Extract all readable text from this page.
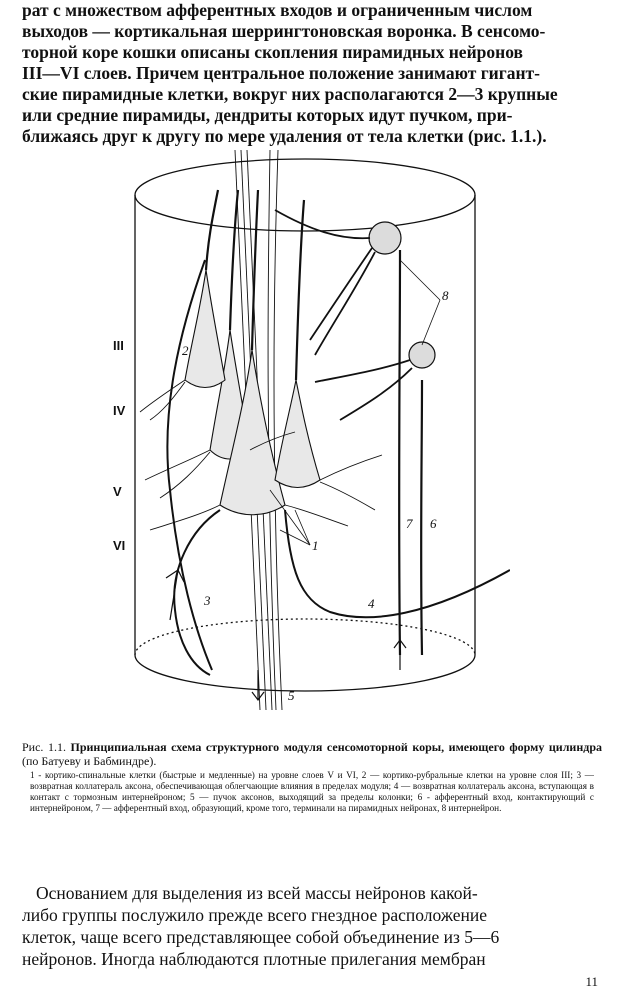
рат с множеством афферентных входов и ограниченным числом
выходов — кортикальная шеррингтоновская воронка. В сенсомо-
торной коре кошки описаны скопления пирамидных нейронов
III—VI слоев. Причем центральное положение занимают гигант-
ские пирамидные клетки, вокруг них располагаются 2—3 крупные
или средние пирамиды, дендриты которых идут пучком, при-
ближаясь друг к другу по мере удаления от тела клетки (рис. 1.1.).
III
IV
V
VI	1
2
3	4
5
6
7
8
Рис. 1.1. Принципиальная схема структурного модуля сенсомоторной коры, имеющего форму цилиндра (по Батуеву и Бабминдре).
1 - кортико-спинальные клетки (быстрые и медленные) на уровне слоев V и VI, 2 — кортико-рубральные клетки на уровне слоя III; 3 — возвратная коллатераль аксона, обеспечивающая облегчающие влияния в пределах модуля; 4 — возвратная коллатераль аксона, вступающая в контакт с тормозным интернейроном; 5 — пучок аксонов, выходящий за пределы колонки; 6 - афферентный вход, контактирующий с интернейроном, 7 — афферентный вход, образующий, кроме того, терминали на пирамидных нейронах, 8 интернейрон.
Основанием для выделения из всей массы нейронов какой-
либо группы послужило прежде всего гнездное расположение
клеток, чаще всего представляющее собой объединение из 5—6
нейронов. Иногда наблюдаются плотные прилегания мембран
11
